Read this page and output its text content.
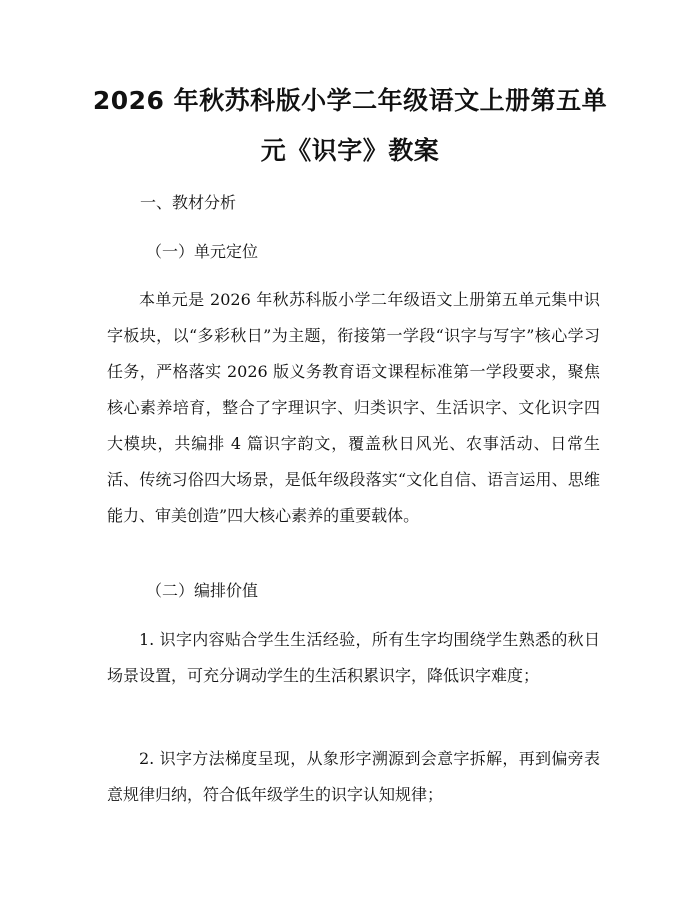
2026 年秋苏科版小学二年级语文上册第五单
元《识字》教案
一、教材分析
（一）单元定位
本单元是 2026 年秋苏科版小学二年级语文上册第五单元集中识字板块，以“多彩秋日”为主题，衔接第一学段“识字与写字”核心学习任务，严格落实 2026 版义务教育语文课程标准第一学段要求，聚焦核心素养培育，整合了字理识字、归类识字、生活识字、文化识字四大模块，共编排 4 篇识字韵文，覆盖秋日风光、农事活动、日常生活、传统习俗四大场景，是低年级段落实“文化自信、语言运用、思维能力、审美创造”四大核心素养的重要载体。
（二）编排价值
1. 识字内容贴合学生生活经验，所有生字均围绕学生熟悉的秋日场景设置，可充分调动学生的生活积累识字，降低识字难度；
2. 识字方法梯度呈现，从象形字溯源到会意字拆解，再到偏旁表意规律归纳，符合低年级学生的识字认知规律；
